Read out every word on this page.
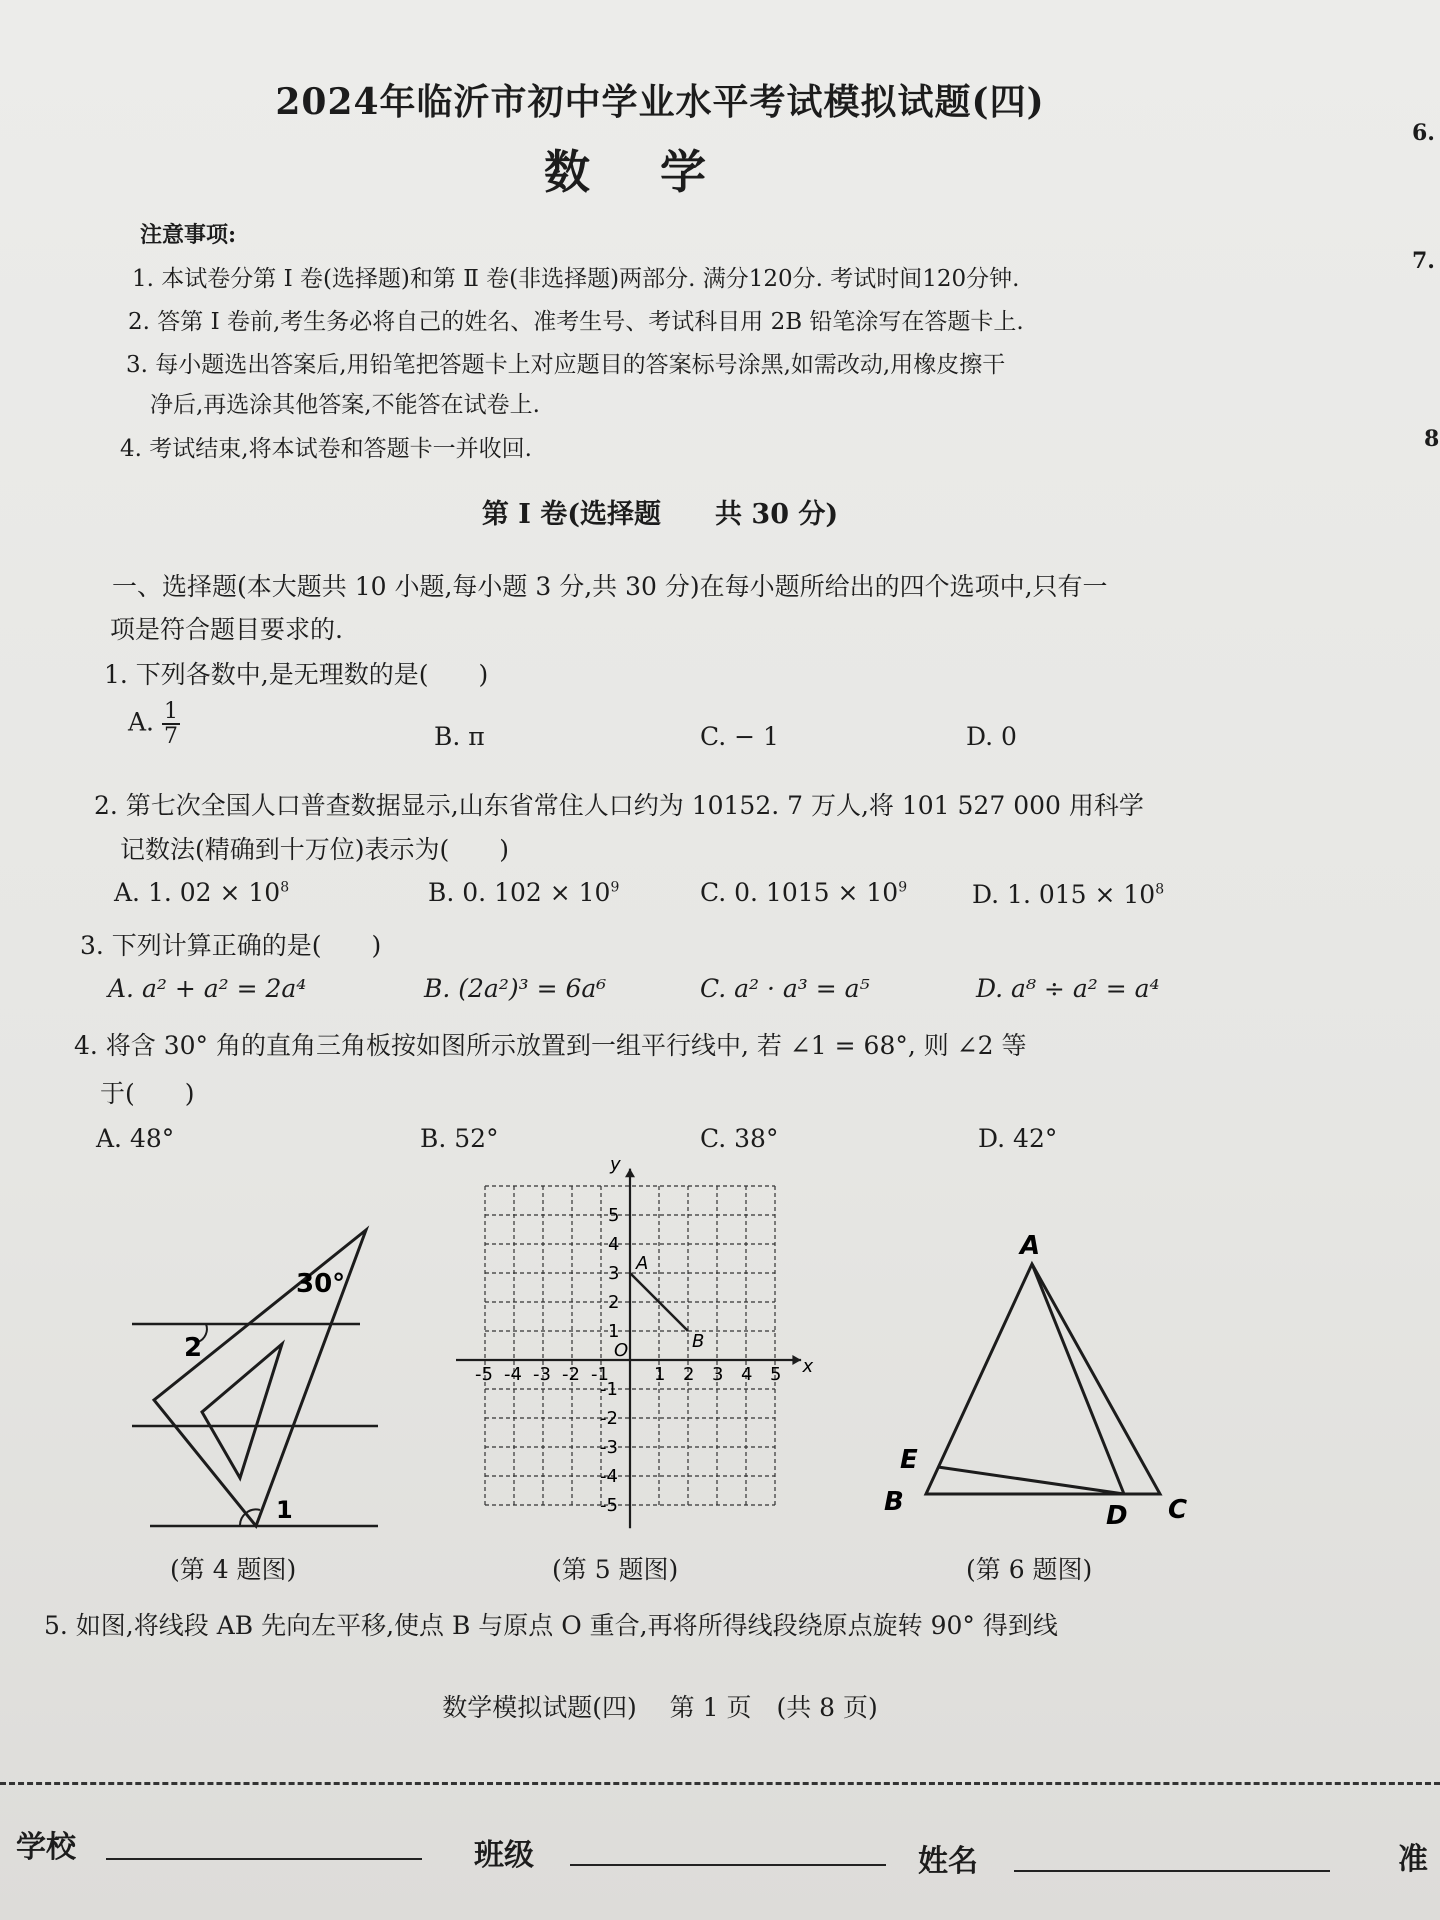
6.
7.
8
2024年临沂市初中学业水平考试模拟试题(四)
数学
注意事项:
1. 本试卷分第 Ⅰ 卷(选择题)和第 Ⅱ 卷(非选择题)两部分. 满分120分. 考试时间120分钟.
2. 答第 Ⅰ 卷前,考生务必将自己的姓名、准考生号、考试科目用 2B 铅笔涂写在答题卡上.
3. 每小题选出答案后,用铅笔把答题卡上对应题目的答案标号涂黑,如需改动,用橡皮擦干
净后,再选涂其他答案,不能答在试卷上.
4. 考试结束,将本试卷和答题卡一并收回.
第 Ⅰ 卷(选择题　　共 30 分)
一、选择题(本大题共 10 小题,每小题 3 分,共 30 分)在每小题所给出的四个选项中,只有一
项是符合题目要求的.
1. 下列各数中,是无理数的是(　　)
A. $\frac{1}{7}$	B. π	C. − 1	D. 0
2. 第七次全国人口普查数据显示,山东省常住人口约为 10152. 7 万人,将 101 527 000 用科学
记数法(精确到十万位)表示为(　　)
A. 1. $02 \times 10^8$	B. 0. $102 \times 10^9$	C. 0. $1015 \times 10^9$	D. 1. $015 \times 10^8$
3. 下列计算正确的是(　　)
A. a² + a² = 2a⁴	B. (2a²)³ = 6a⁶	C. a² · a³ = a⁵	D. a⁸ ÷ a² = a⁴
4. 将含 30° 角的直角三角板按如图所示放置到一组平行线中, 若 ∠1 = 68°, 则 ∠2 等
于(　　)
A. 48°	B. 52°	C. 38°	D. 42°
30°
2
1
(第 4 题图)
x
y
-5 -4 -3 -2 -1	1 2 3 4 5
5
4
3
2
1
-1
-2
-3
-4
-5
O
A
B
(第 5 题图)
A
B	C
D
E
(第 6 题图)
5. 如图,将线段 AB 先向左平移,使点 B 与原点 O 重合,再将所得线段绕原点旋转 90° 得到线
数学模拟试题(四)　 第 1 页　(共 8 页)
学校	班级	姓名	准
